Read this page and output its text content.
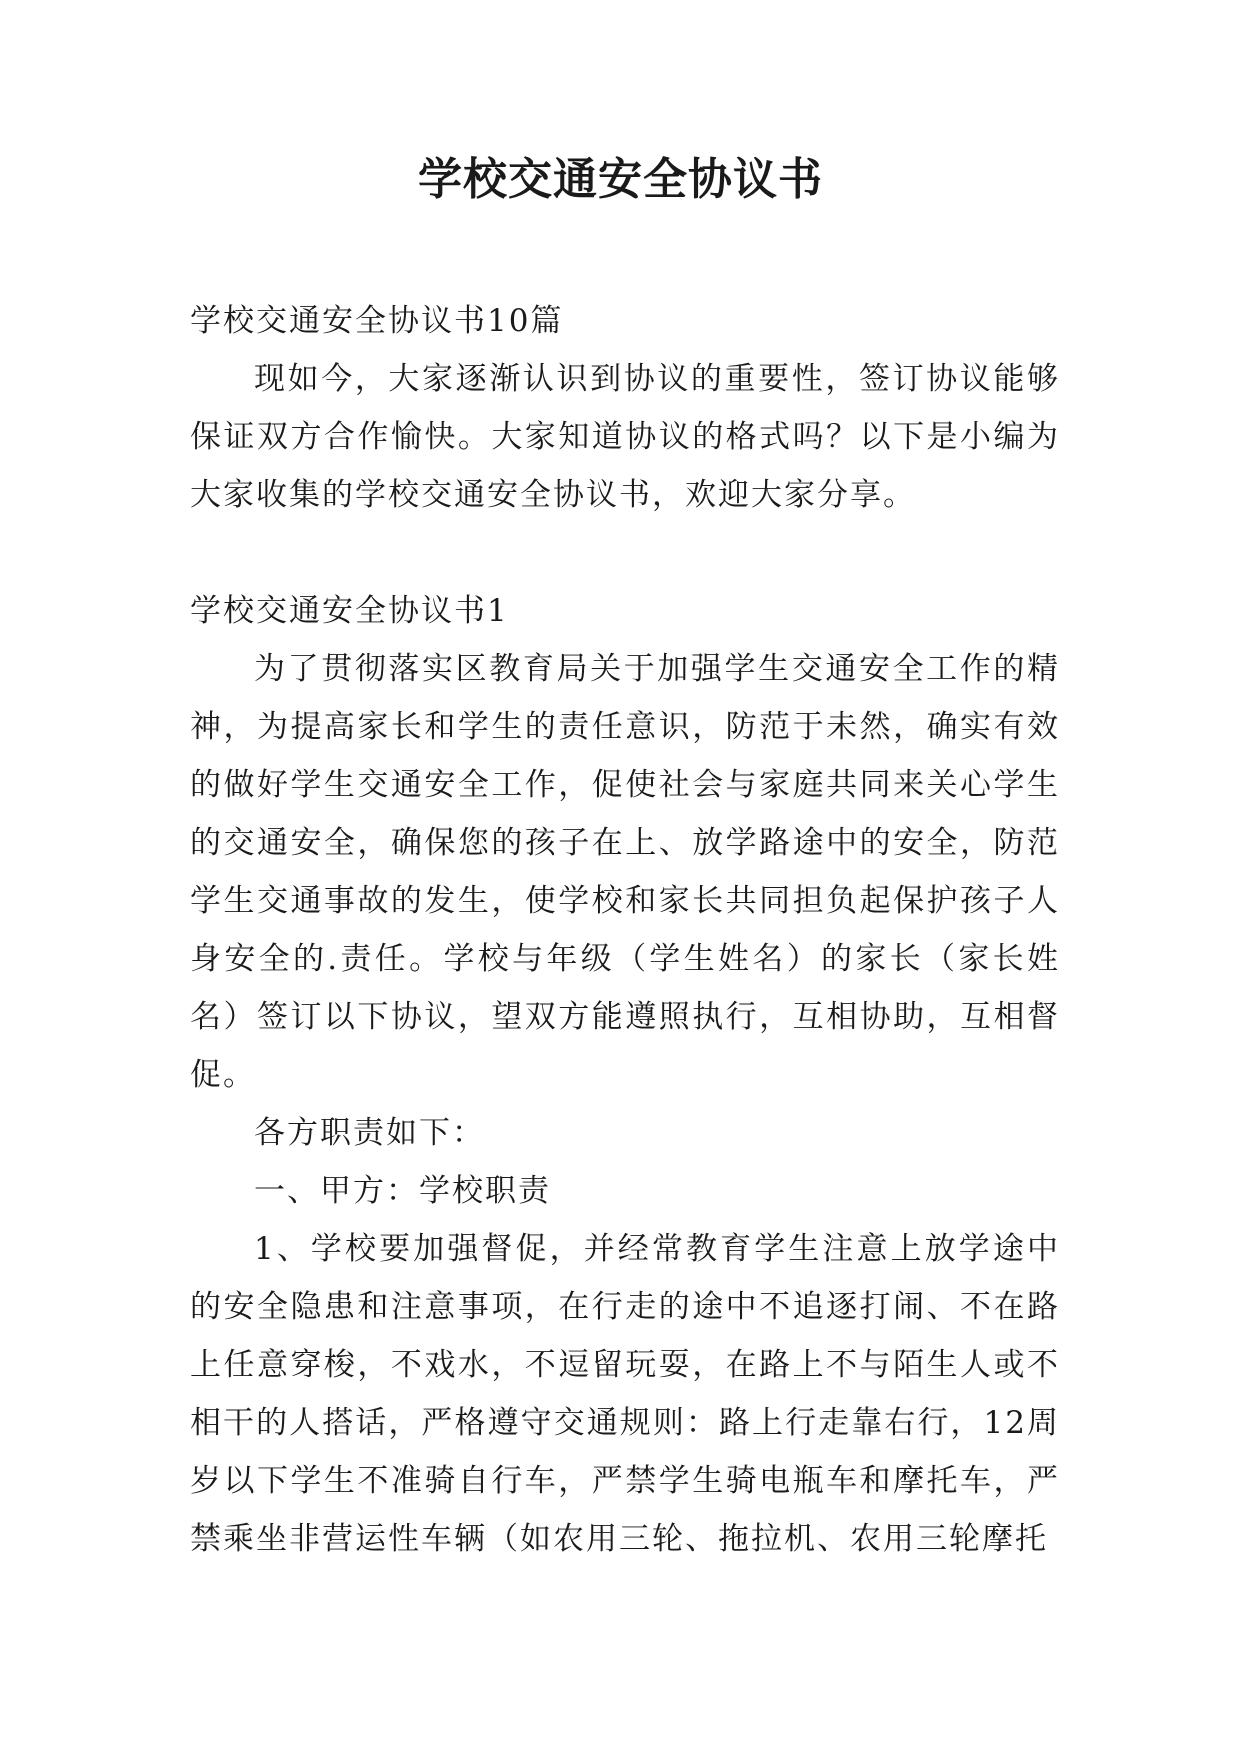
学校交通安全协议书

学校交通安全协议书10篇

现如今，大家逐渐认识到协议的重要性，签订协议能够保证双方合作愉快。大家知道协议的格式吗？以下是小编为大家收集的学校交通安全协议书，欢迎大家分享。

学校交通安全协议书1

为了贯彻落实区教育局关于加强学生交通安全工作的精神，为提高家长和学生的责任意识，防范于未然，确实有效的做好学生交通安全工作，促使社会与家庭共同来关心学生的交通安全，确保您的孩子在上、放学路途中的安全，防范学生交通事故的发生，使学校和家长共同担负起保护孩子人身安全的.责任。学校与年级（学生姓名）的家长（家长姓名）签订以下协议，望双方能遵照执行，互相协助，互相督促。

各方职责如下：

一、甲方：学校职责

1、学校要加强督促，并经常教育学生注意上放学途中的安全隐患和注意事项，在行走的途中不追逐打闹、不在路上任意穿梭，不戏水，不逗留玩耍，在路上不与陌生人或不相干的人搭话，严格遵守交通规则：路上行走靠右行，12周岁以下学生不准骑自行车，严禁学生骑电瓶车和摩托车，严禁乘坐非营运性车辆（如农用三轮、拖拉机、农用三轮摩托
